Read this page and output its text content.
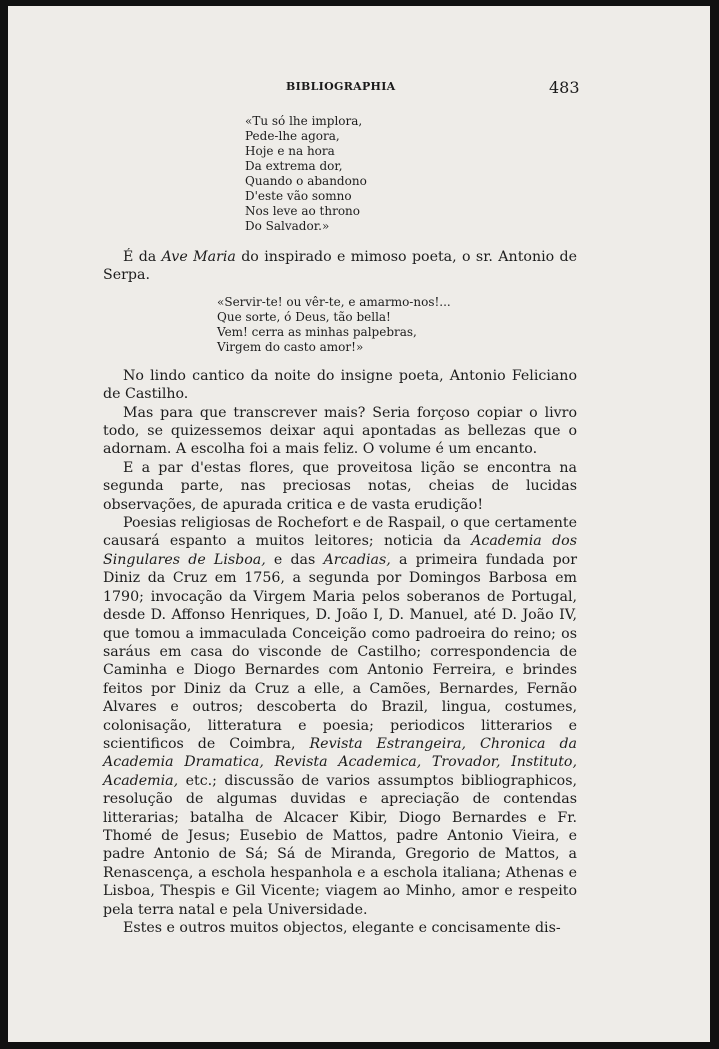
BIBLIOGRAPHIA	483
«Tu só lhe implora,
Pede-lhe agora,
Hoje e na hora
Da extrema dor,
Quando o abandono
D'este vão somno
Nos leve ao throno
Do Salvador.»

É da Ave Maria do inspirado e mimoso poeta, o sr. Antonio de Serpa.

«Servir-te! ou vêr-te, e amarmo-nos!...
Que sorte, ó Deus, tão bella!
Vem! cerra as minhas palpebras,
Virgem do casto amor!»

No lindo cantico da noite do insigne poeta, Antonio Feliciano de Castilho.

Mas para que transcrever mais? Seria forçoso copiar o livro todo, se quizessemos deixar aqui apontadas as bellezas que o adornam. A escolha foi a mais feliz. O volume é um encanto.

E a par d'estas flores, que proveitosa lição se encontra na segunda parte, nas preciosas notas, cheias de lucidas observações, de apurada critica e de vasta erudição!

Poesias religiosas de Rochefort e de Raspail, o que certamente causará espanto a muitos leitores; noticia da Academia dos Singulares de Lisboa, e das Arcadias, a primeira fundada por Diniz da Cruz em 1756, a segunda por Domingos Barbosa em 1790; invocação da Virgem Maria pelos soberanos de Portugal, desde D. Affonso Henriques, D. João I, D. Manuel, até D. João IV, que tomou a immaculada Conceição como padroeira do reino; os saráus em casa do visconde de Castilho; correspondencia de Caminha e Diogo Bernardes com Antonio Ferreira, e brindes feitos por Diniz da Cruz a elle, a Camões, Bernardes, Fernão Alvares e outros; descoberta do Brazil, lingua, costumes, colonisação, litteratura e poesia; periodicos litterarios e scientificos de Coimbra, Revista Estrangeira, Chronica da Academia Dramatica, Revista Academica, Trovador, Instituto, Academia, etc.; discussão de varios assumptos bibliographicos, resolução de algumas duvidas e apreciação de contendas litterarias; batalha de Alcacer Kibir, Diogo Bernardes e Fr. Thomé de Jesus; Eusebio de Mattos, padre Antonio Vieira, e padre Antonio de Sá; Sá de Miranda, Gregorio de Mattos, a Renascença, a eschola hespanhola e a eschola italiana; Athenas e Lisboa, Thespis e Gil Vicente; viagem ao Minho, amor e respeito pela terra natal e pela Universidade.

Estes e outros muitos objectos, elegante e concisamente dis-
